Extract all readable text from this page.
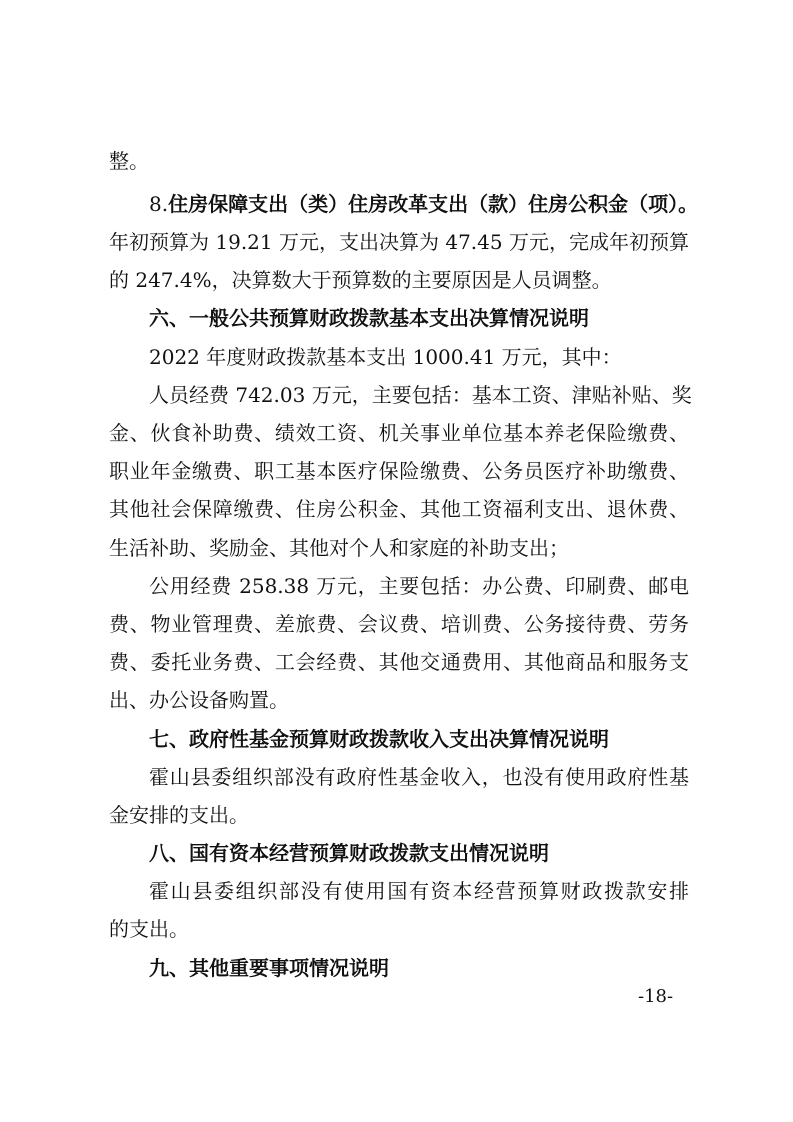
整。
8.住房保障支出（类）住房改革支出（款）住房公积金（项）。
年初预算为 19.21 万元，支出决算为 47.45 万元，完成年初预算
的 247.4%，决算数大于预算数的主要原因是人员调整。
六、一般公共预算财政拨款基本支出决算情况说明
2022 年度财政拨款基本支出 1000.41 万元，其中：
人员经费 742.03 万元，主要包括：基本工资、津贴补贴、奖
金、伙食补助费、绩效工资、机关事业单位基本养老保险缴费、
职业年金缴费、职工基本医疗保险缴费、公务员医疗补助缴费、
其他社会保障缴费、住房公积金、其他工资福利支出、退休费、
生活补助、奖励金、其他对个人和家庭的补助支出；
公用经费 258.38 万元，主要包括：办公费、印刷费、邮电
费、物业管理费、差旅费、会议费、培训费、公务接待费、劳务
费、委托业务费、工会经费、其他交通费用、其他商品和服务支
出、办公设备购置。
七、政府性基金预算财政拨款收入支出决算情况说明
霍山县委组织部没有政府性基金收入，也没有使用政府性基
金安排的支出。
八、国有资本经营预算财政拨款支出情况说明
霍山县委组织部没有使用国有资本经营预算财政拨款安排
的支出。
九、其他重要事项情况说明
-18-
